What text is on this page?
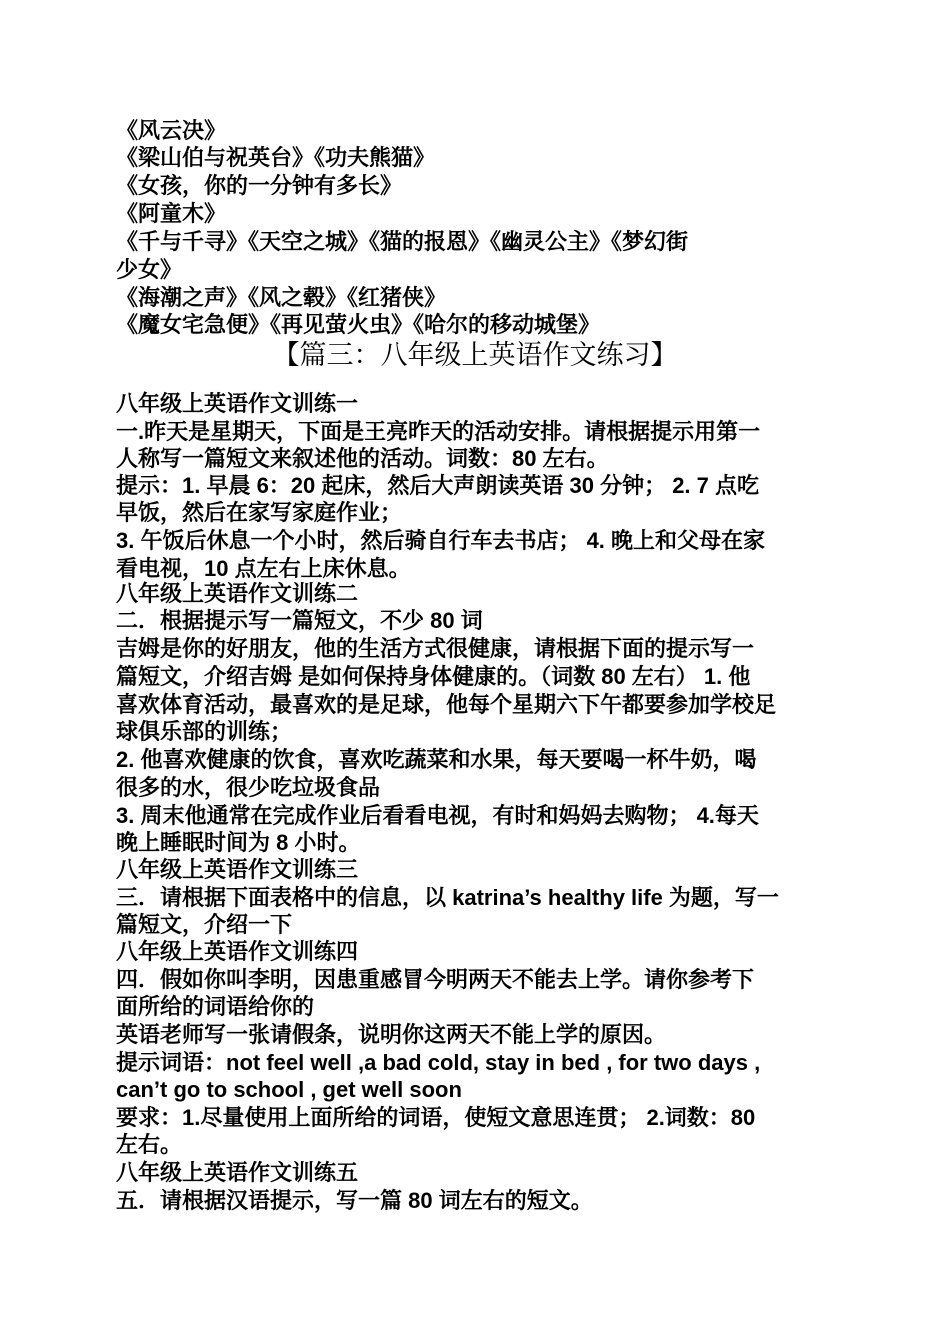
《风云决》
《梁山伯与祝英台》《功夫熊猫》
《女孩，你的一分钟有多长》
《阿童木》
《千与千寻》《天空之城》《猫的报恩》《幽灵公主》《梦幻街
少女》
《海潮之声》《风之毂》《红猪侠》
《魔女宅急便》《再见萤火虫》《哈尔的移动城堡》
【篇三：八年级上英语作文练习】
八年级上英语作文训练一
一.昨天是星期天，下面是王亮昨天的活动安排。请根据提示用第一
人称写一篇短文来叙述他的活动。词数：80 左右。
提示：1. 早晨 6：20 起床，然后大声朗读英语 30 分钟； 2. 7 点吃
早饭，然后在家写家庭作业；
3. 午饭后休息一个小时，然后骑自行车去书店； 4. 晚上和父母在家
看电视，10 点左右上床休息。
八年级上英语作文训练二
二．根据提示写一篇短文，不少 80 词
吉姆是你的好朋友，他的生活方式很健康，请根据下面的提示写一
篇短文，介绍吉姆 是如何保持身体健康的。（词数 80 左右） 1. 他
喜欢体育活动，最喜欢的是足球，他每个星期六下午都要参加学校足
球俱乐部的训练；
2. 他喜欢健康的饮食，喜欢吃蔬菜和水果，每天要喝一杯牛奶，喝
很多的水，很少吃垃圾食品
3. 周末他通常在完成作业后看看电视，有时和妈妈去购物； 4.每天
晚上睡眠时间为 8 小时。
八年级上英语作文训练三
三．请根据下面表格中的信息，以 katrina’s healthy life 为题，写一
篇短文，介绍一下
八年级上英语作文训练四
四．假如你叫李明，因患重感冒今明两天不能去上学。请你参考下
面所给的词语给你的
英语老师写一张请假条，说明你这两天不能上学的原因。
提示词语：not feel well ,a bad cold, stay in bed , for two days ,
can’t go to school , get well soon
要求：1.尽量使用上面所给的词语，使短文意思连贯； 2.词数：80
左右。
八年级上英语作文训练五
五．请根据汉语提示，写一篇 80 词左右的短文。
